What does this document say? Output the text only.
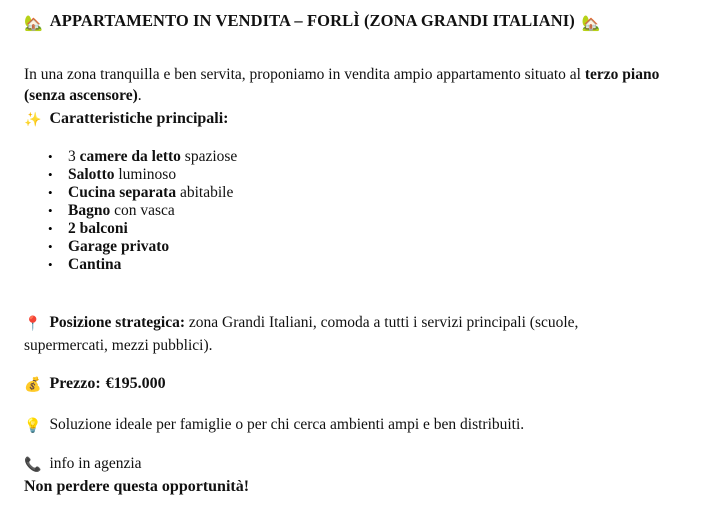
🏡 APPARTAMENTO IN VENDITA – FORLÌ (ZONA GRANDI ITALIANI) 🏡

In una zona tranquilla e ben servita, proponiamo in vendita ampio appartamento situato al terzo piano (senza ascensore).

✨ Caratteristiche principali:
• 3 camere da letto spaziose
• Salotto luminoso
• Cucina separata abitabile
• Bagno con vasca
• 2 balconi
• Garage privato
• Cantina

📍 Posizione strategica: zona Grandi Italiani, comoda a tutti i servizi principali (scuole, supermercati, mezzi pubblici).

💰 Prezzo: €195.000

💡 Soluzione ideale per famiglie o per chi cerca ambienti ampi e ben distribuiti.

📞 info in agenzia

Non perdere questa opportunità!
